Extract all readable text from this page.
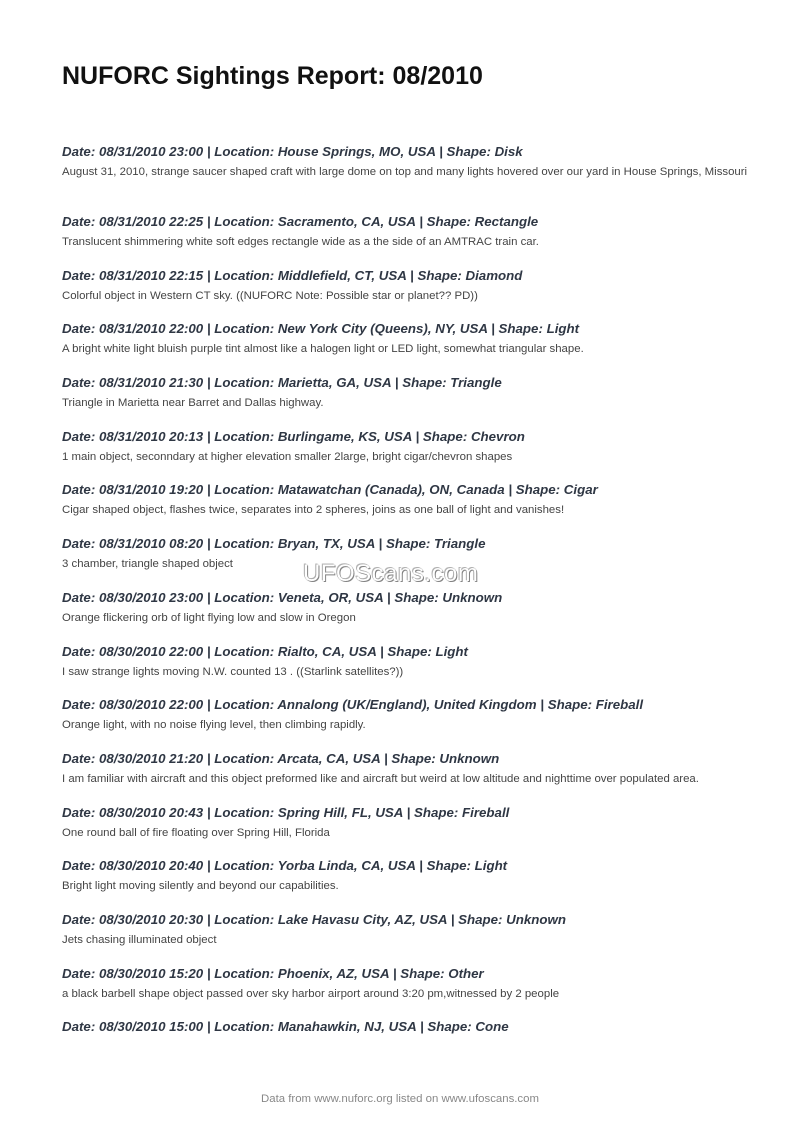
NUFORC Sightings Report: 08/2010
Date: 08/31/2010 23:00 | Location: House Springs, MO, USA | Shape: Disk
August 31, 2010, strange saucer shaped craft with large dome on top and many lights hovered over our yard in House Springs, Missouri
Date: 08/31/2010 22:25 | Location: Sacramento, CA, USA | Shape: Rectangle
Translucent shimmering white soft edges rectangle wide as a the side of an AMTRAC train car.
Date: 08/31/2010 22:15 | Location: Middlefield, CT, USA | Shape: Diamond
Colorful object in Western CT sky. ((NUFORC Note: Possible star or planet?? PD))
Date: 08/31/2010 22:00 | Location: New York City (Queens), NY, USA | Shape: Light
A bright white light bluish purple tint almost like a halogen light or LED light, somewhat triangular shape.
Date: 08/31/2010 21:30 | Location: Marietta, GA, USA | Shape: Triangle
Triangle in Marietta near Barret and Dallas highway.
Date: 08/31/2010 20:13 | Location: Burlingame, KS, USA | Shape: Chevron
1 main object, seconndary at higher elevation smaller 2large, bright cigar/chevron shapes
Date: 08/31/2010 19:20 | Location: Matawatchan (Canada), ON, Canada | Shape: Cigar
Cigar shaped object, flashes twice, separates into 2 spheres, joins as one ball of light and vanishes!
Date: 08/31/2010 08:20 | Location: Bryan, TX, USA | Shape: Triangle
3 chamber, triangle shaped object
Date: 08/30/2010 23:00 | Location: Veneta, OR, USA | Shape: Unknown
Orange flickering orb of light flying low and slow in Oregon
Date: 08/30/2010 22:00 | Location: Rialto, CA, USA | Shape: Light
I saw strange lights moving N.W. counted 13 . ((Starlink satellites?))
Date: 08/30/2010 22:00 | Location: Annalong (UK/England), United Kingdom | Shape: Fireball
Orange light, with no noise flying level, then climbing rapidly.
Date: 08/30/2010 21:20 | Location: Arcata, CA, USA | Shape: Unknown
I am familiar with aircraft and this object preformed like and aircraft but weird at low altitude and nighttime over populated area.
Date: 08/30/2010 20:43 | Location: Spring Hill, FL, USA | Shape: Fireball
One round ball of fire floating over Spring Hill, Florida
Date: 08/30/2010 20:40 | Location: Yorba Linda, CA, USA | Shape: Light
Bright light moving silently and beyond our capabilities.
Date: 08/30/2010 20:30 | Location: Lake Havasu City, AZ, USA | Shape: Unknown
Jets chasing illuminated object
Date: 08/30/2010 15:20 | Location: Phoenix, AZ, USA | Shape: Other
a black barbell shape object passed over sky harbor airport around 3:20 pm,witnessed by 2 people
Date: 08/30/2010 15:00 | Location: Manahawkin, NJ, USA | Shape: Cone
UFOScans.com
Data from www.nuforc.org listed on www.ufoscans.com
